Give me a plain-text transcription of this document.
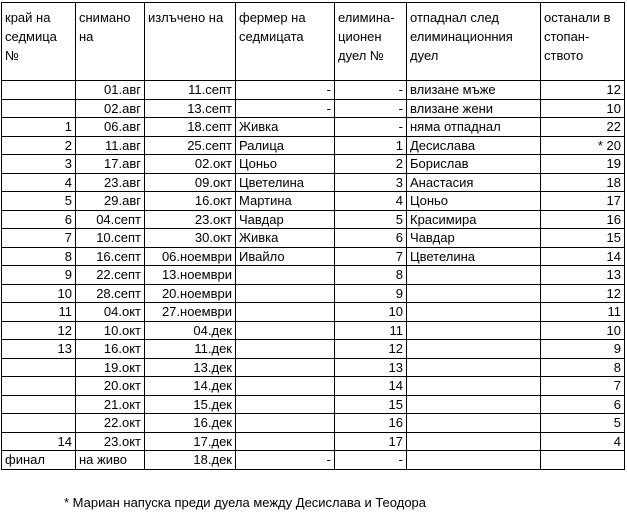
край на седмица №	снимано на	излъчено на	фермер на седмицата	елимина-ционен дуел №	отпаднал след елиминационния дуел	останали в стопан-ството
	01.авг	11.септ	-	-	влизане мъже	12
	02.авг	13.септ	-	-	влизане жени	10
1	06.авг	18.септ	Живка	-	няма отпаднал	22
2	11.авг	25.септ	Ралица	1	Десислава	* 20
3	17.авг	02.окт	Цоньо	2	Борислав	19
4	23.авг	09.окт	Цветелина	3	Анастасия	18
5	29.авг	16.окт	Мартина	4	Цоньо	17
6	04.септ	23.окт	Чавдар	5	Красимира	16
7	10.септ	30.окт	Живка	6	Чавдар	15
8	16.септ	06.ноември	Ивайло	7	Цветелина	14
9	22.септ	13.ноември		8		13
10	28.септ	20.ноември		9		12
11	04.окт	27.ноември		10		11
12	10.окт	04.дек		11		10
13	16.окт	11.дек		12		9
	19.окт	13.дек		13		8
	20.окт	14.дек		14		7
	21.окт	15.дек		15		6
	22.окт	16.дек		16		5
14	23.окт	17.дек		17		4
финал	на живо	18.дек	-	-		
* Мариан напуска преди дуела между Десислава и Теодора
